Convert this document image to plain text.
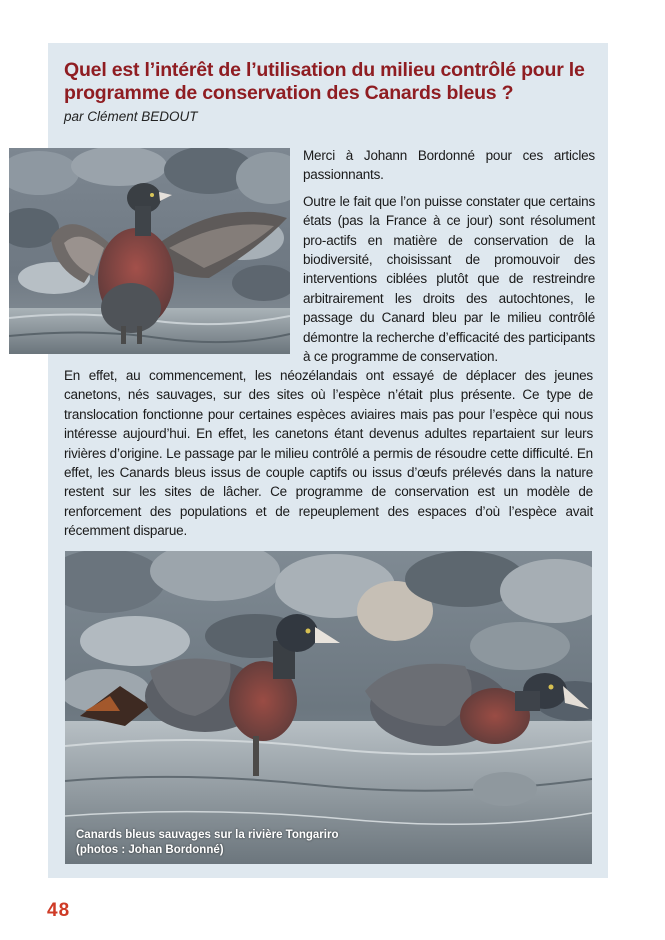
Quel est l’intérêt de l’utilisation du milieu contrôlé pour le programme de conservation des Canards bleus ?

par Clément BEDOUT

Merci à Johann Bordonné pour ces articles passionnants.

Outre le fait que l’on puisse constater que certains états (pas la France à ce jour) sont résolument pro-actifs en matière de conservation de la biodiversité, choisissant de promouvoir des interventions ciblées plutôt que de restreindre arbitrairement les droits des autochtones, le passage du Canard bleu par le milieu contrôlé démontre la recherche d’efficacité des participants à ce programme de conservation.

En effet, au commencement, les néozélandais ont essayé de déplacer des jeunes canetons, nés sauvages, sur des sites où l’espèce n’était plus présente. Ce type de translocation fonctionne pour certaines espèces aviaires mais pas pour l’espèce qui nous intéresse aujourd’hui. En effet, les canetons étant devenus adultes repartaient sur leurs rivières d’origine. Le passage par le milieu contrôlé a permis de résoudre cette difficulté. En effet, les Canards bleus issus de couple captifs ou issus d’œufs prélevés dans la nature restent sur les sites de lâcher. Ce programme de conservation est un modèle de renforcement des populations et de repeuplement des espaces d’où l’espèce avait récemment disparue.

Canards bleus sauvages sur la rivière Tongariro
(photos : Johan Bordonné)

48
